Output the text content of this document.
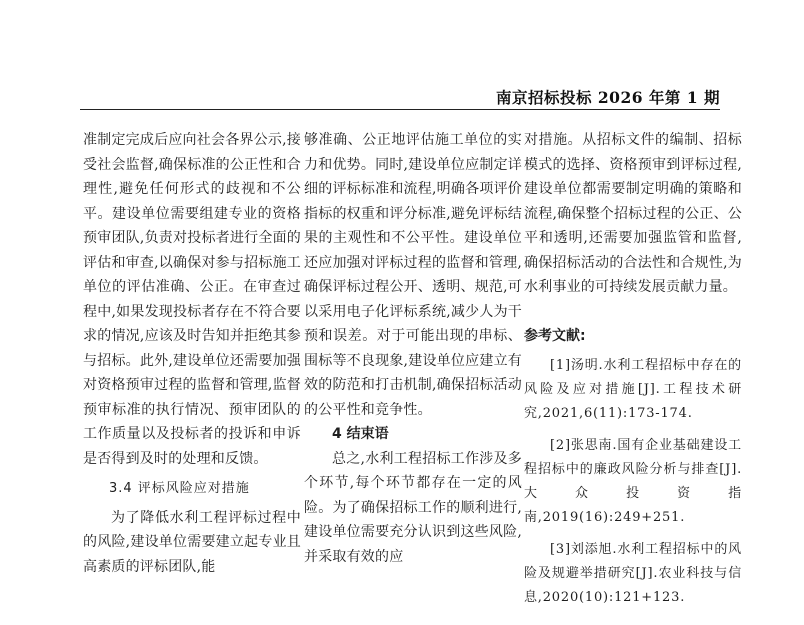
南京招标投标 2026 年第 1 期

准制定完成后应向社会各界公示,接受社会监督,确保标准的公正性和合理性,避免任何形式的歧视和不公平。建设单位需要组建专业的资格预审团队,负责对投标者进行全面的评估和审查,以确保对参与招标施工单位的评估准确、公正。在审查过程中,如果发现投标者存在不符合要求的情况,应该及时告知并拒绝其参与招标。此外,建设单位还需要加强对资格预审过程的监督和管理,监督预审标准的执行情况、预审团队的工作质量以及投标者的投诉和申诉是否得到及时的处理和反馈。

3.4 评标风险应对措施

为了降低水利工程评标过程中的风险,建设单位需要建立起专业且高素质的评标团队,能

够准确、公正地评估施工单位的实力和优势。同时,建设单位应制定详细的评标标准和流程,明确各项评价指标的权重和评分标准,避免评标结果的主观性和不公平性。建设单位还应加强对评标过程的监督和管理,确保评标过程公开、透明、规范,可以采用电子化评标系统,减少人为干预和误差。对于可能出现的串标、围标等不良现象,建设单位应建立有效的防范和打击机制,确保招标活动的公平性和竞争性。

4 结束语

总之,水利工程招标工作涉及多个环节,每个环节都存在一定的风险。为了确保招标工作的顺利进行,建设单位需要充分认识到这些风险,并采取有效的应

对措施。从招标文件的编制、招标模式的选择、资格预审到评标过程,建设单位都需要制定明确的策略和流程,确保整个招标过程的公正、公平和透明,还需要加强监管和监督,确保招标活动的合法性和合规性,为水利事业的可持续发展贡献力量。

参考文献:

[1]汤明.水利工程招标中存在的风险及应对措施[J].工程技术研究,2021,6(11):173-174.

[2]张思南.国有企业基础建设工程招标中的廉政风险分析与排查[J].大众投资指南,2019(16):249+251.

[3]刘添旭.水利工程招标中的风险及规避举措研究[J].农业科技与信息,2020(10):121+123.
